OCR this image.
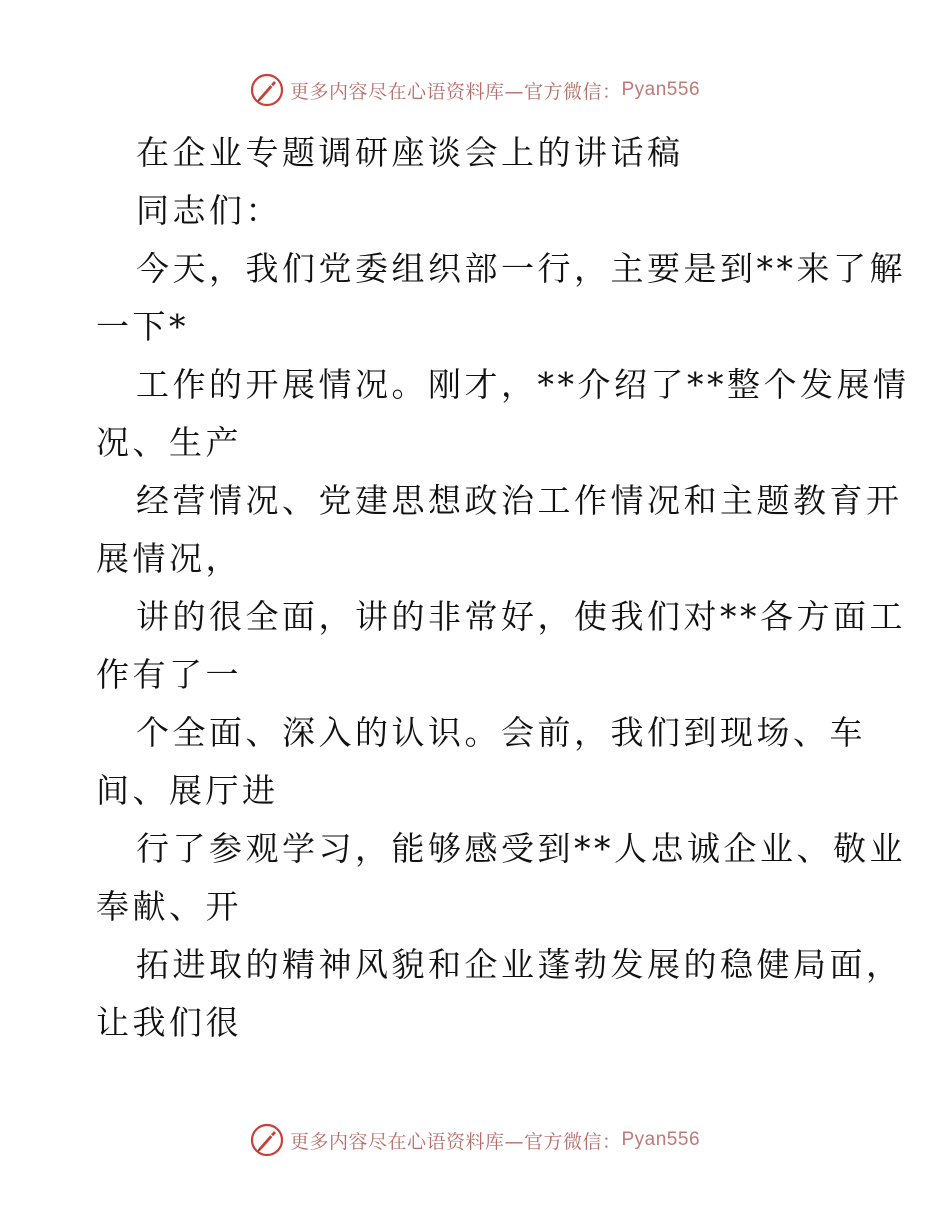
更多内容尽在心语资料库—官方微信： Pyan556
在企业专题调研座谈会上的讲话稿
同志们：
今天，我们党委组织部一行，主要是到**来了解
一下*
工作的开展情况。刚才，**介绍了**整个发展情
况、生产
经营情况、党建思想政治工作情况和主题教育开
展情况，
讲的很全面，讲的非常好，使我们对**各方面工
作有了一
个全面、深入的认识。会前，我们到现场、车
间、展厅进
行了参观学习，能够感受到**人忠诚企业、敬业
奉献、开
拓进取的精神风貌和企业蓬勃发展的稳健局面，
让我们很
更多内容尽在心语资料库—官方微信： Pyan556
